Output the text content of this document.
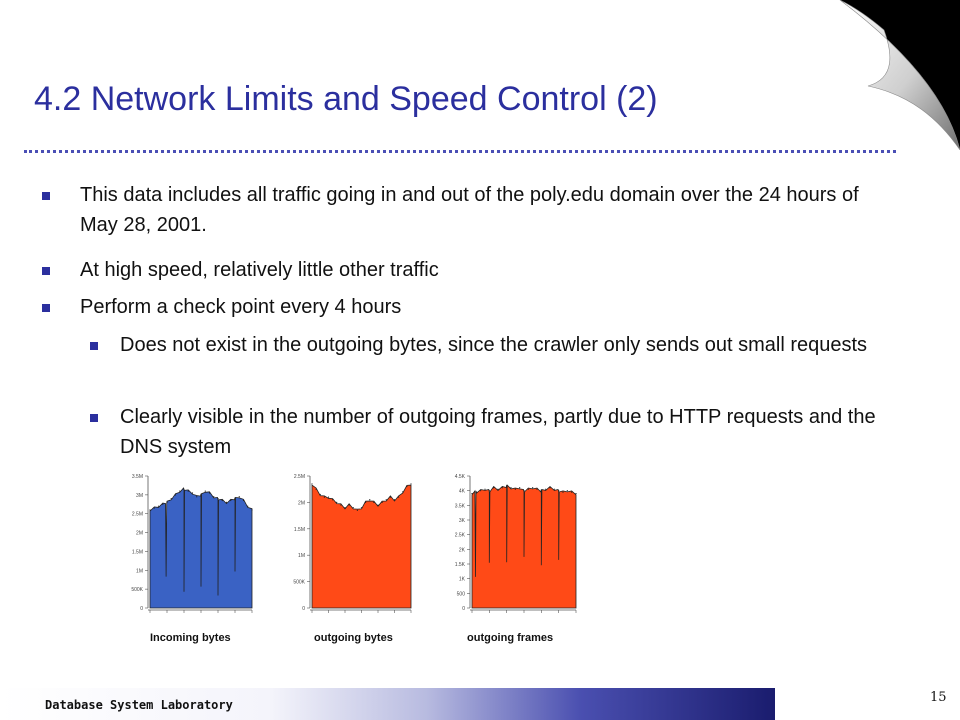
4.2 Network Limits and Speed Control (2)
This data includes all traffic going in and out of the poly.edu domain over the 24 hours of May 28, 2001.
At high speed, relatively little other traffic
Perform a check point every 4 hours
Does not exist in the outgoing bytes, since the crawler only sends out small requests
Clearly visible in the number of outgoing frames, partly due to HTTP requests and the DNS system
0
500K
1M
1.5M
2M
2.5M
3M
3.5M
0
500K
1M
1.5M
2M
2.5M
0
500
1K
1.5K
2K
2.5K
3K
3.5K
4K
4.5K
Incoming bytes	outgoing bytes	outgoing frames
Database System Laboratory	15
